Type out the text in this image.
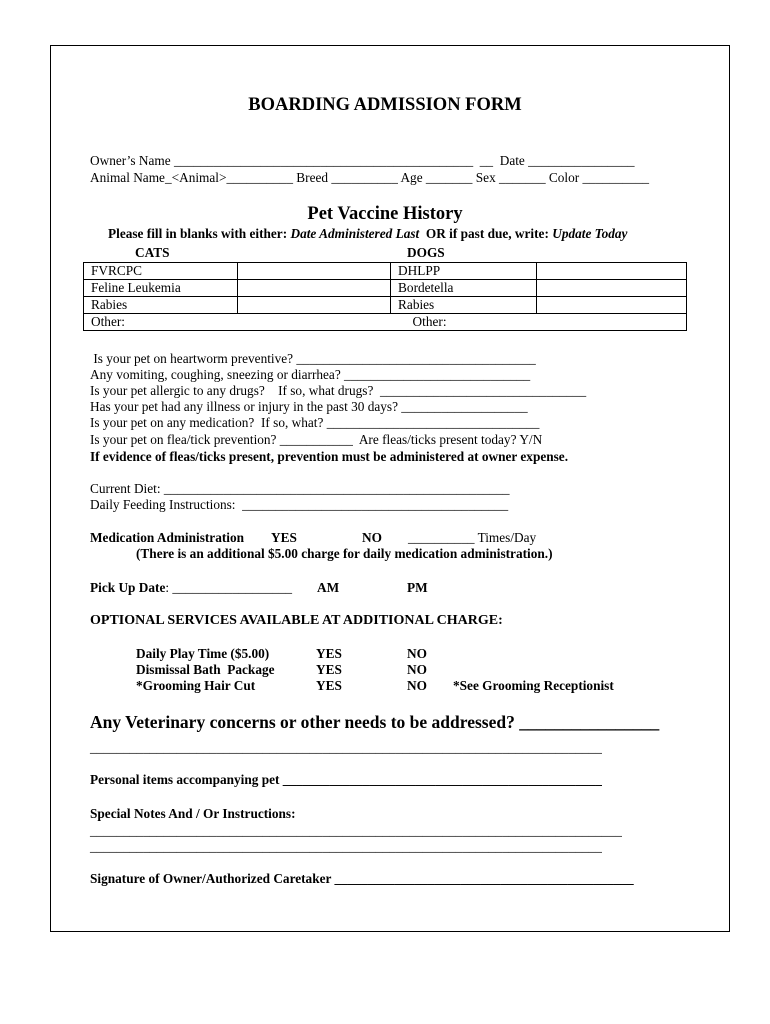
BOARDING ADMISSION FORM
Owner’s Name _____________________________________________  __  Date ________________
Animal Name_<Animal>__________ Breed __________ Age _______ Sex _______ Color __________
Pet Vaccine History
Please fill in blanks with either: Date Administered Last  OR if past due, write: Update Today
CATS	DOGS
FVRCPC		DHLPP	
Feline Leukemia		Bordetella	
Rabies		Rabies	
Other:		Other:	
Is your pet on heartworm preventive? ____________________________________
Any vomiting, coughing, sneezing or diarrhea? ____________________________
Is your pet allergic to any drugs?    If so, what drugs?  _______________________________
Has your pet had any illness or injury in the past 30 days? ___________________
Is your pet on any medication?  If so, what? ________________________________
Is your pet on flea/tick prevention? ___________  Are fleas/ticks present today? Y/N
If evidence of fleas/ticks present, prevention must be administered at owner expense.
Current Diet: ____________________________________________________
Daily Feeding Instructions:  ________________________________________
Medication Administration YES	NO __________ Times/Day
(There is an additional $5.00 charge for daily medication administration.)
Pick Up Date: __________________ AM	PM
OPTIONAL SERVICES AVAILABLE AT ADDITIONAL CHARGE:
Daily Play Time ($5.00)	YES	NO
Dismissal Bath  Package	YES	NO
*Grooming Hair Cut	YES	NO *See Grooming Receptionist
Any Veterinary concerns or other needs to be addressed? ________________
_____________________________________________________________________________
Personal items accompanying pet ________________________________________________
Special Notes And / Or Instructions:
________________________________________________________________________________
_____________________________________________________________________________
Signature of Owner/Authorized Caretaker _____________________________________________
